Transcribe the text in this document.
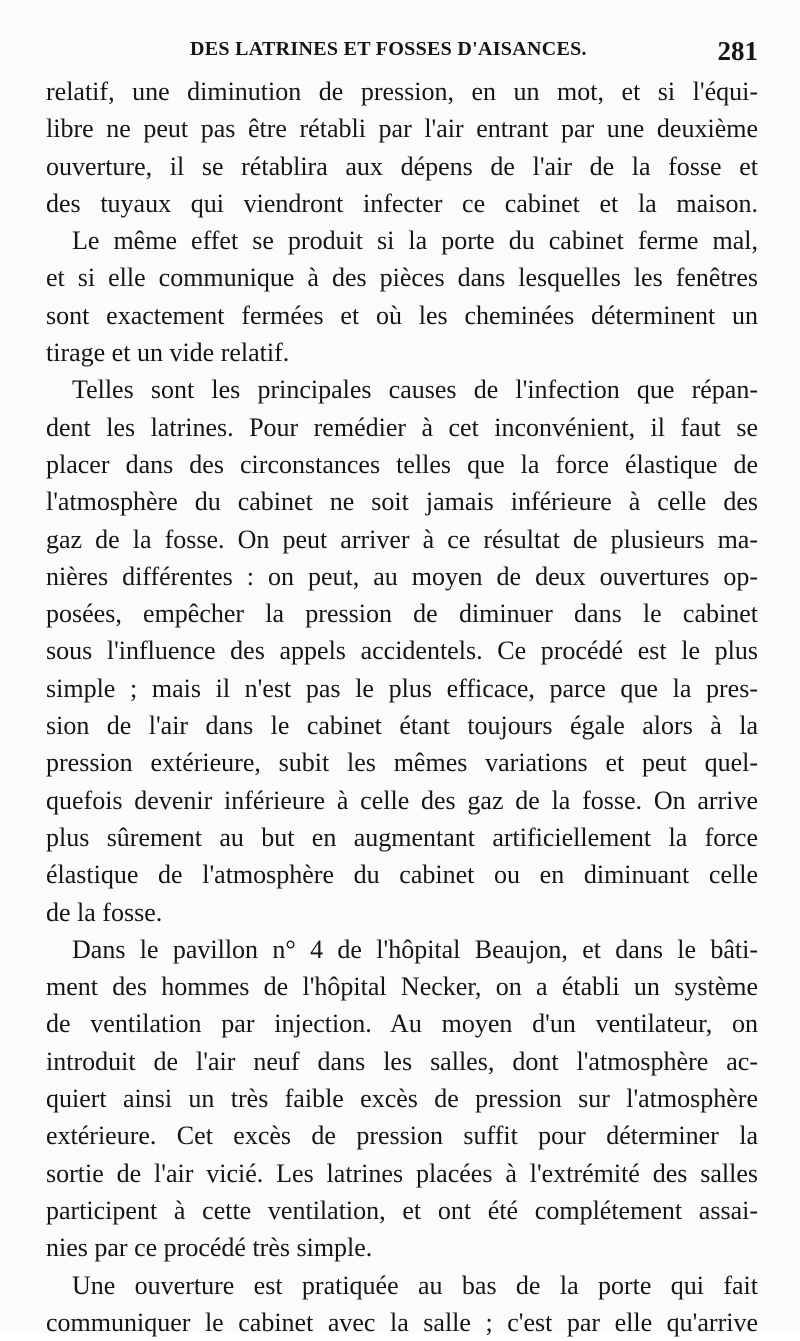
DES LATRINES ET FOSSES D'AISANCES.	281
relatif, une diminution de pression, en un mot, et si l'équi-
libre ne peut pas être rétabli par l'air entrant par une deuxième
ouverture, il se rétablira aux dépens de l'air de la fosse et
des tuyaux qui viendront infecter ce cabinet et la maison.
Le même effet se produit si la porte du cabinet ferme mal,
et si elle communique à des pièces dans lesquelles les fenêtres
sont exactement fermées et où les cheminées déterminent un
tirage et un vide relatif.
Telles sont les principales causes de l'infection que répan-
dent les latrines. Pour remédier à cet inconvénient, il faut se
placer dans des circonstances telles que la force élastique de
l'atmosphère du cabinet ne soit jamais inférieure à celle des
gaz de la fosse. On peut arriver à ce résultat de plusieurs ma-
nières différentes : on peut, au moyen de deux ouvertures op-
posées, empêcher la pression de diminuer dans le cabinet
sous l'influence des appels accidentels. Ce procédé est le plus
simple ; mais il n'est pas le plus efficace, parce que la pres-
sion de l'air dans le cabinet étant toujours égale alors à la
pression extérieure, subit les mêmes variations et peut quel-
quefois devenir inférieure à celle des gaz de la fosse. On arrive
plus sûrement au but en augmentant artificiellement la force
élastique de l'atmosphère du cabinet ou en diminuant celle
de la fosse.
Dans le pavillon n° 4 de l'hôpital Beaujon, et dans le bâti-
ment des hommes de l'hôpital Necker, on a établi un système
de ventilation par injection. Au moyen d'un ventilateur, on
introduit de l'air neuf dans les salles, dont l'atmosphère ac-
quiert ainsi un très faible excès de pression sur l'atmosphère
extérieure. Cet excès de pression suffit pour déterminer la
sortie de l'air vicié. Les latrines placées à l'extrémité des salles
participent à cette ventilation, et ont été complétement assai-
nies par ce procédé très simple.
Une ouverture est pratiquée au bas de la porte qui fait
communiquer le cabinet avec la salle ; c'est par elle qu'arrive
